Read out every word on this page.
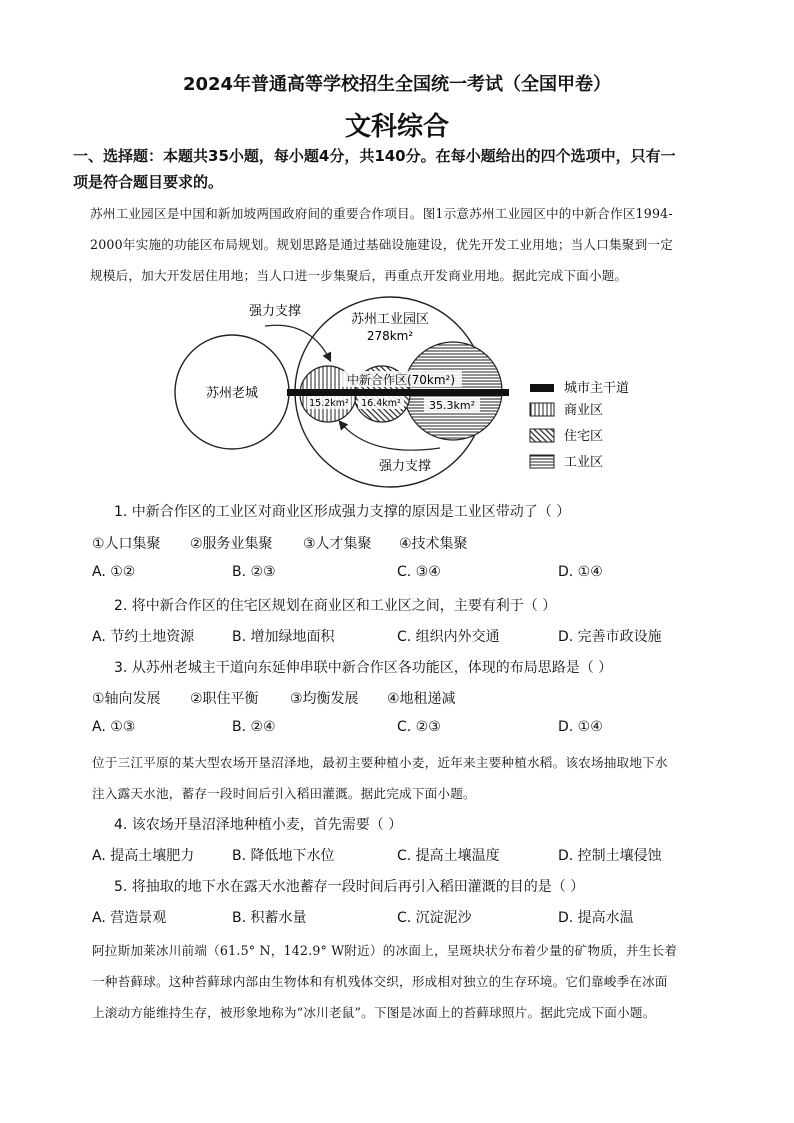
2024年普通高等学校招生全国统一考试（全国甲卷）
文科综合
一、选择题：本题共35小题，每小题4分，共140分。在每小题给出的四个选项中，只有一
项是符合题目要求的。
苏州工业园区是中国和新加坡两国政府间的重要合作项目。图1示意苏州工业园区中的中新合作区1994-
2000年实施的功能区布局规划。规划思路是通过基础设施建设，优先开发工业用地；当人口集聚到一定
规模后，加大开发居住用地；当人口进一步集聚后，再重点开发商业用地。据此完成下面小题。
苏州老城
苏州工业园区
278km²
中新合作区(70km²)
15.2km² 16.4km²	35.3km²
强力支撑
强力支撑
城市主干道
商业区
住宅区
工业区
1. 中新合作区的工业区对商业区形成强力支撑的原因是工业区带动了（ ）
①人口集聚 ②服务业集聚 ③人才集聚 ④技术集聚
A. ①②	B. ②③	C. ③④	D. ①④
2. 将中新合作区的住宅区规划在商业区和工业区之间，主要有利于（ ）
A. 节约土地资源	B. 增加绿地面积	C. 组织内外交通	D. 完善市政设施
3. 从苏州老城主干道向东延伸串联中新合作区各功能区，体现的布局思路是（ ）
①轴向发展 ②职住平衡 ③均衡发展 ④地租递减
A. ①③	B. ②④	C. ②③	D. ①④
位于三江平原的某大型农场开垦沼泽地，最初主要种植小麦，近年来主要种植水稻。该农场抽取地下水
注入露天水池，蓄存一段时间后引入稻田灌溉。据此完成下面小题。
4. 该农场开垦沼泽地种植小麦，首先需要（ ）
A. 提高土壤肥力	B. 降低地下水位	C. 提高土壤温度	D. 控制土壤侵蚀
5. 将抽取的地下水在露天水池蓄存一段时间后再引入稻田灌溉的目的是（ ）
A. 营造景观	B. 积蓄水量	C. 沉淀泥沙	D. 提高水温
阿拉斯加莱冰川前端（61.5° N，142.9° W附近）的冰面上，呈斑块状分布着少量的矿物质，并生长着
一种苔藓球。这种苔藓球内部由生物体和有机残体交织，形成相对独立的生存环境。它们靠峻季在冰面
上滚动方能维持生存，被形象地称为“冰川老鼠”。下图是冰面上的苔藓球照片。据此完成下面小题。
